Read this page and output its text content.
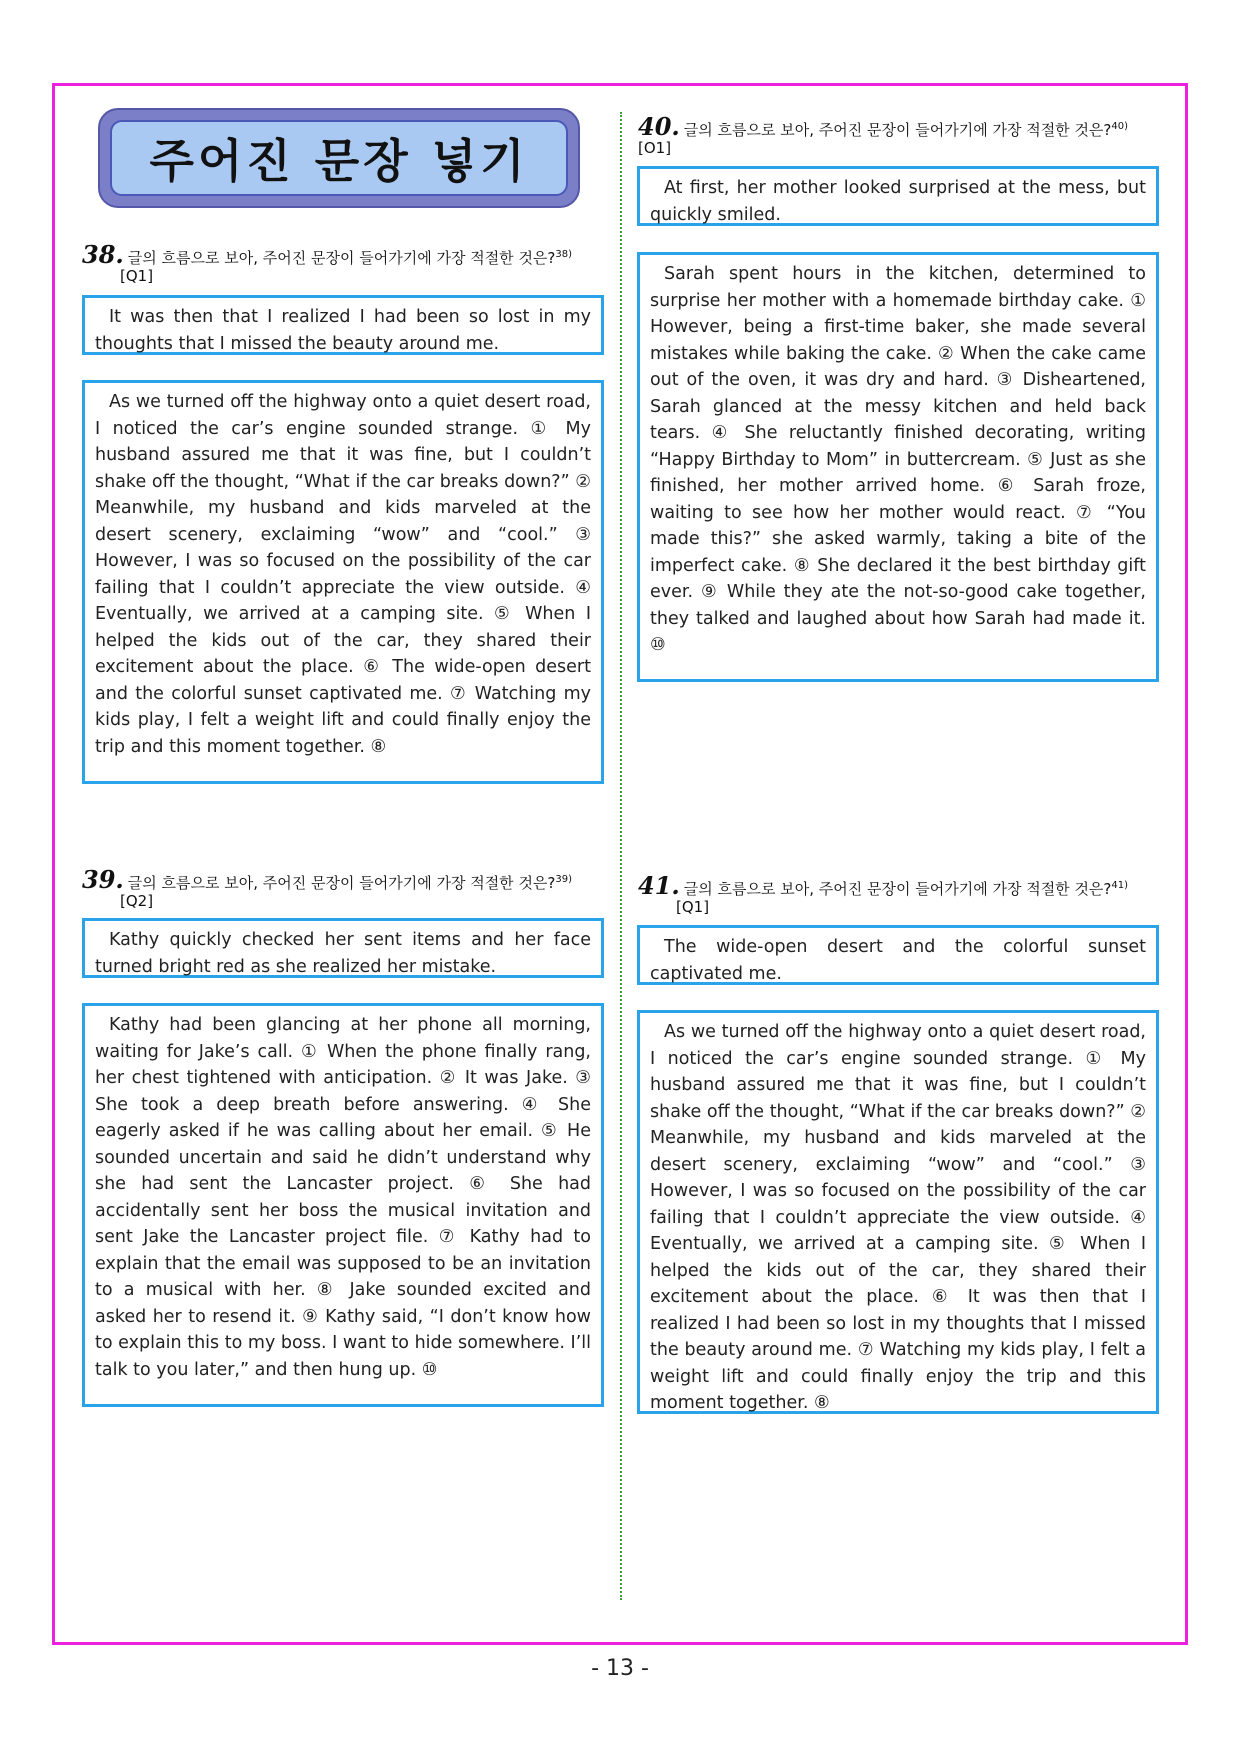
주어진 문장 넣기
38. 글의 흐름으로 보아, 주어진 문장이 들어가기에 가장 적절한 것은?$^{38)}$
[Q1]
It was then that I realized I had been so lost in my thoughts that I missed the beauty around me.
As we turned off the highway onto a quiet desert road, I noticed the car’s engine sounded strange. ① My husband assured me that it was fine, but I couldn’t shake off the thought, “What if the car breaks down?” ② Meanwhile, my husband and kids marveled at the desert scenery, exclaiming “wow” and “cool.” ③ However, I was so focused on the possibility of the car failing that I couldn’t appreciate the view outside. ④ Eventually, we arrived at a camping site. ⑤ When I helped the kids out of the car, they shared their excitement about the place. ⑥ The wide-open desert and the colorful sunset captivated me. ⑦ Watching my kids play, I felt a weight lift and could finally enjoy the trip and this moment together. ⑧
39. 글의 흐름으로 보아, 주어진 문장이 들어가기에 가장 적절한 것은?$^{39)}$
[Q2]
Kathy quickly checked her sent items and her face turned bright red as she realized her mistake.
Kathy had been glancing at her phone all morning, waiting for Jake’s call. ① When the phone finally rang, her chest tightened with anticipation. ② It was Jake. ③ She took a deep breath before answering. ④ She eagerly asked if he was calling about her email. ⑤ He sounded uncertain and said he didn’t understand why she had sent the Lancaster project. ⑥ She had accidentally sent her boss the musical invitation and sent Jake the Lancaster project file. ⑦ Kathy had to explain that the email was supposed to be an invitation to a musical with her. ⑧ Jake sounded excited and asked her to resend it. ⑨ Kathy said, “I don’t know how to explain this to my boss. I want to hide somewhere. I’ll talk to you later,” and then hung up. ⑩
40. 글의 흐름으로 보아, 주어진 문장이 들어가기에 가장 적절한 것은?$^{40)}$ [O1]
At first, her mother looked surprised at the mess, but quickly smiled.
Sarah spent hours in the kitchen, determined to surprise her mother with a homemade birthday cake. ① However, being a first-time baker, she made several mistakes while baking the cake. ② When the cake came out of the oven, it was dry and hard. ③ Disheartened, Sarah glanced at the messy kitchen and held back tears. ④ She reluctantly finished decorating, writing “Happy Birthday to Mom” in buttercream. ⑤ Just as she finished, her mother arrived home. ⑥ Sarah froze, waiting to see how her mother would react. ⑦ “You made this?” she asked warmly, taking a bite of the imperfect cake. ⑧ She declared it the best birthday gift ever. ⑨ While they ate the not-so-good cake together, they talked and laughed about how Sarah had made it. ⑩
41. 글의 흐름으로 보아, 주어진 문장이 들어가기에 가장 적절한 것은?$^{41)}$
[Q1]
The wide-open desert and the colorful sunset captivated me.
As we turned off the highway onto a quiet desert road, I noticed the car’s engine sounded strange. ① My husband assured me that it was fine, but I couldn’t shake off the thought, “What if the car breaks down?” ② Meanwhile, my husband and kids marveled at the desert scenery, exclaiming “wow” and “cool.” ③ However, I was so focused on the possibility of the car failing that I couldn’t appreciate the view outside. ④ Eventually, we arrived at a camping site. ⑤ When I helped the kids out of the car, they shared their excitement about the place. ⑥ It was then that I realized I had been so lost in my thoughts that I missed the beauty around me. ⑦ Watching my kids play, I felt a weight lift and could finally enjoy the trip and this moment together. ⑧
- 13 -
